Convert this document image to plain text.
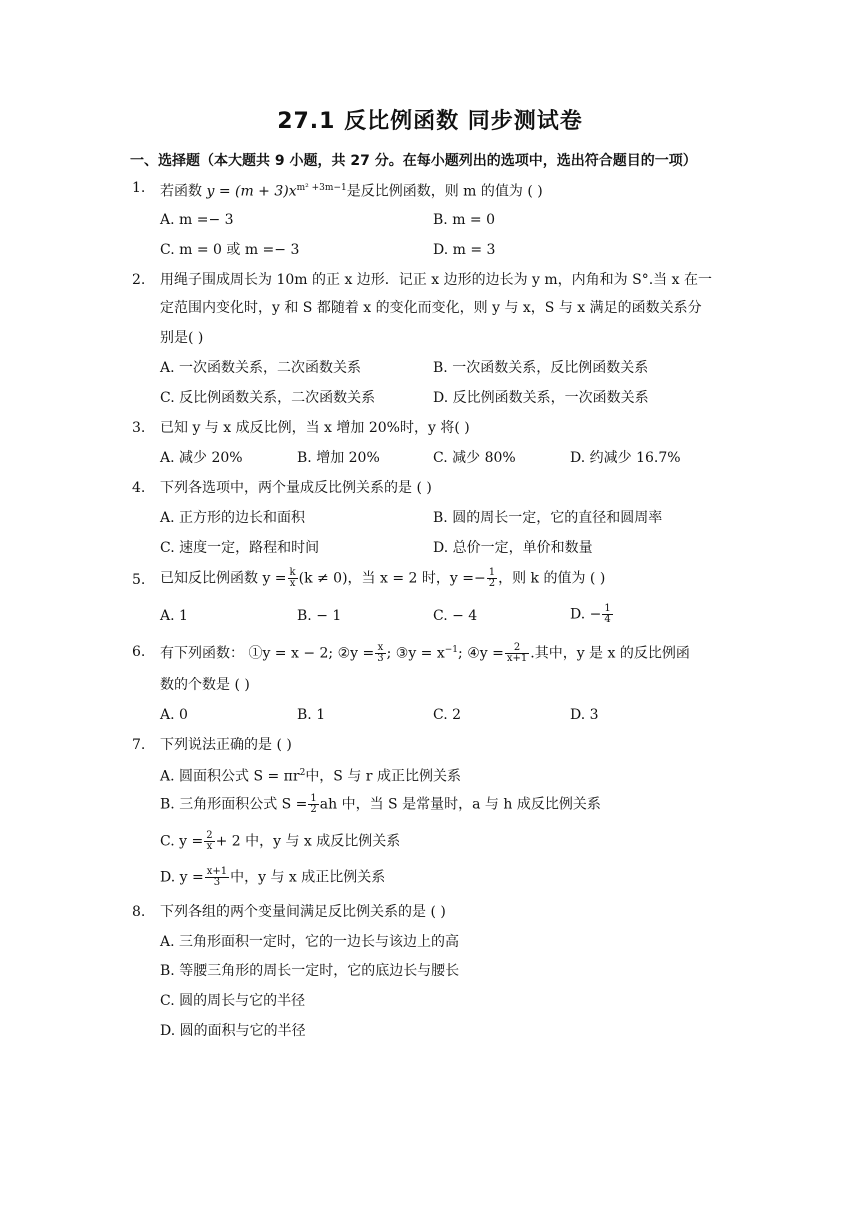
27.1 反比例函数 同步测试卷
一、选择题（本大题共 9 小题，共 27 分。在每小题列出的选项中，选出符合题目的一项）
1. 若函数 $y = (m + 3)x^{m^2 +3m-1}$是反比例函数，则 m 的值为 ( )
A. m =− 3	B. m = 0
C. m = 0 或 m =− 3	D. m = 3
2. 用绳子围成周长为 10m 的正 x 边形．记正 x 边形的边长为 y m，内角和为 S°.当 x 在一
定范围内变化时，y 和 S 都随着 x 的变化而变化，则 y 与 x，S 与 x 满足的函数关系分
别是( )
A. 一次函数关系，二次函数关系	B. 一次函数关系，反比例函数关系
C. 反比例函数关系，二次函数关系	D. 反比例函数关系，一次函数关系
3. 已知 y 与 x 成反比例，当 x 增加 20%时，y 将( )
A. 减少 20%	B. 增加 20%	C. 减少 80%	D. 约减少 16.7%
4. 下列各选项中，两个量成反比例关系的是 ( )
A. 正方形的边长和面积	B. 圆的周长一定，它的直径和圆周率
C. 速度一定，路程和时间	D. 总价一定，单价和数量
5. 已知反比例函数 $y = \frac{k}{x} (k \ne 0)$，当 x = 2 时，$y =- \frac{1}{2}$ ，则 k 的值为 ( )
A. 1	B. − 1	C. − 4	D. − $\frac{1}{4}$
6. 有下列函数： ①y = x − 2; ②y = $\frac{x}{3}$ ; ③y = $x^{-1}$; ④y = $\frac{2}{x+1}$ .其中，y 是 x 的反比例函
数的个数是 ( )
A. 0	B. 1	C. 2	D. 3
7. 下列说法正确的是 ( )
A. 圆面积公式 $S = \pi r^2$中，S 与 r 成正比例关系
B. 三角形面积公式 $S = \frac{1}{2}$ ah 中，当 S 是常量时，a 与 h 成反比例关系
C. $y = \frac{2}{x} + 2$ 中，y 与 x 成反比例关系
D. $y = \frac{x+1}{3}$ 中，y 与 x 成正比例关系
8. 下列各组的两个变量间满足反比例关系的是 ( )
A. 三角形面积一定时，它的一边长与该边上的高
B. 等腰三角形的周长一定时，它的底边长与腰长
C. 圆的周长与它的半径
D. 圆的面积与它的半径
